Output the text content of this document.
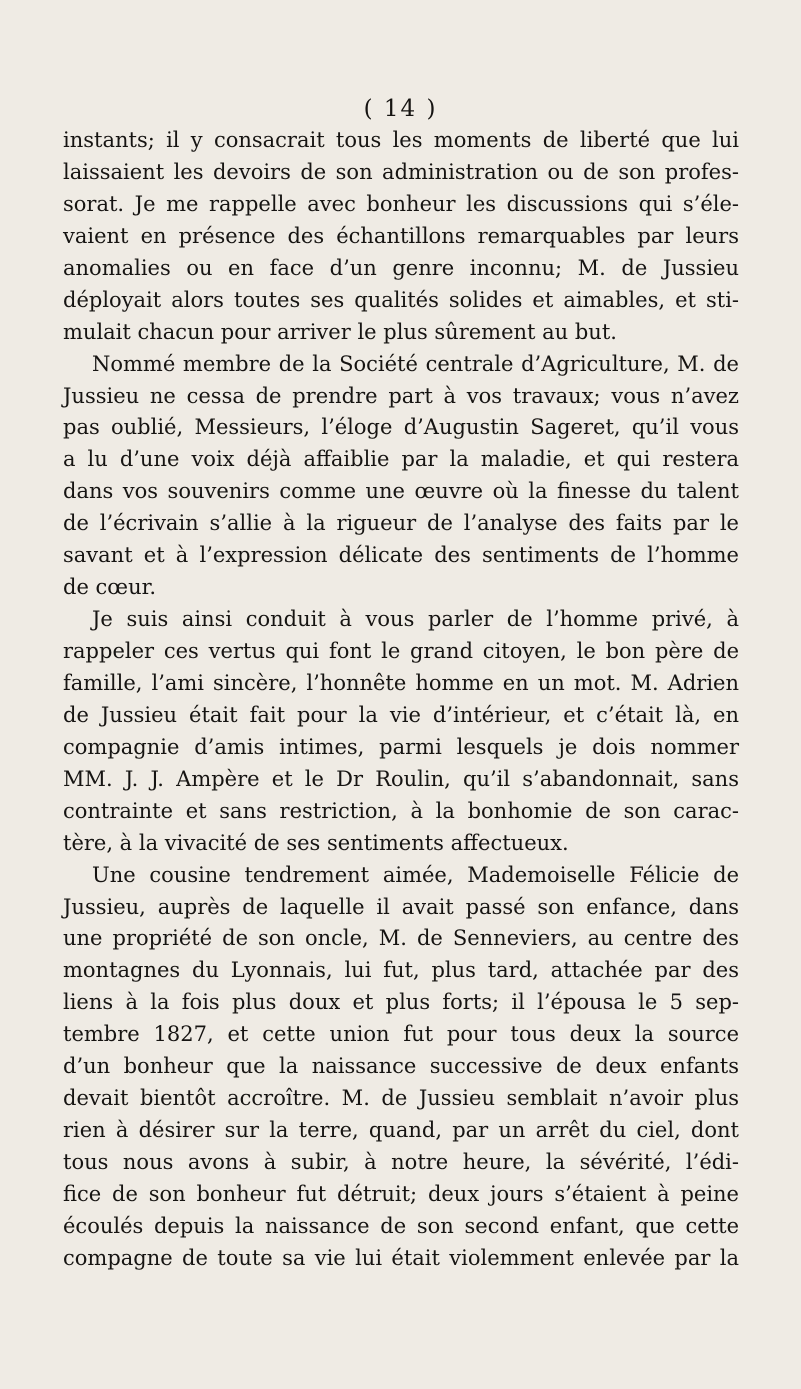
( 14 )
instants; il y consacrait tous les moments de liberté que lui
laissaient les devoirs de son administration ou de son profes-
sorat. Je me rappelle avec bonheur les discussions qui s’éle-
vaient en présence des échantillons remarquables par leurs
anomalies ou en face d’un genre inconnu; M. de Jussieu
déployait alors toutes ses qualités solides et aimables, et sti-
mulait chacun pour arriver le plus sûrement au but.
Nommé membre de la Société centrale d’Agriculture, M. de
Jussieu ne cessa de prendre part à vos travaux; vous n’avez
pas oublié, Messieurs, l’éloge d’Augustin Sageret, qu’il vous
a lu d’une voix déjà affaiblie par la maladie, et qui restera
dans vos souvenirs comme une œuvre où la finesse du talent
de l’écrivain s’allie à la rigueur de l’analyse des faits par le
savant et à l’expression délicate des sentiments de l’homme
de cœur.
Je suis ainsi conduit à vous parler de l’homme privé, à
rappeler ces vertus qui font le grand citoyen, le bon père de
famille, l’ami sincère, l’honnête homme en un mot. M. Adrien
de Jussieu était fait pour la vie d’intérieur, et c’était là, en
compagnie d’amis intimes, parmi lesquels je dois nommer
MM. J. J. Ampère et le Dr Roulin, qu’il s’abandonnait, sans
contrainte et sans restriction, à la bonhomie de son carac-
tère, à la vivacité de ses sentiments affectueux.
Une cousine tendrement aimée, Mademoiselle Félicie de
Jussieu, auprès de laquelle il avait passé son enfance, dans
une propriété de son oncle, M. de Senneviers, au centre des
montagnes du Lyonnais, lui fut, plus tard, attachée par des
liens à la fois plus doux et plus forts; il l’épousa le 5 sep-
tembre 1827, et cette union fut pour tous deux la source
d’un bonheur que la naissance successive de deux enfants
devait bientôt accroître. M. de Jussieu semblait n’avoir plus
rien à désirer sur la terre, quand, par un arrêt du ciel, dont
tous nous avons à subir, à notre heure, la sévérité, l’édi-
fice de son bonheur fut détruit; deux jours s’étaient à peine
écoulés depuis la naissance de son second enfant, que cette
compagne de toute sa vie lui était violemment enlevée par la
